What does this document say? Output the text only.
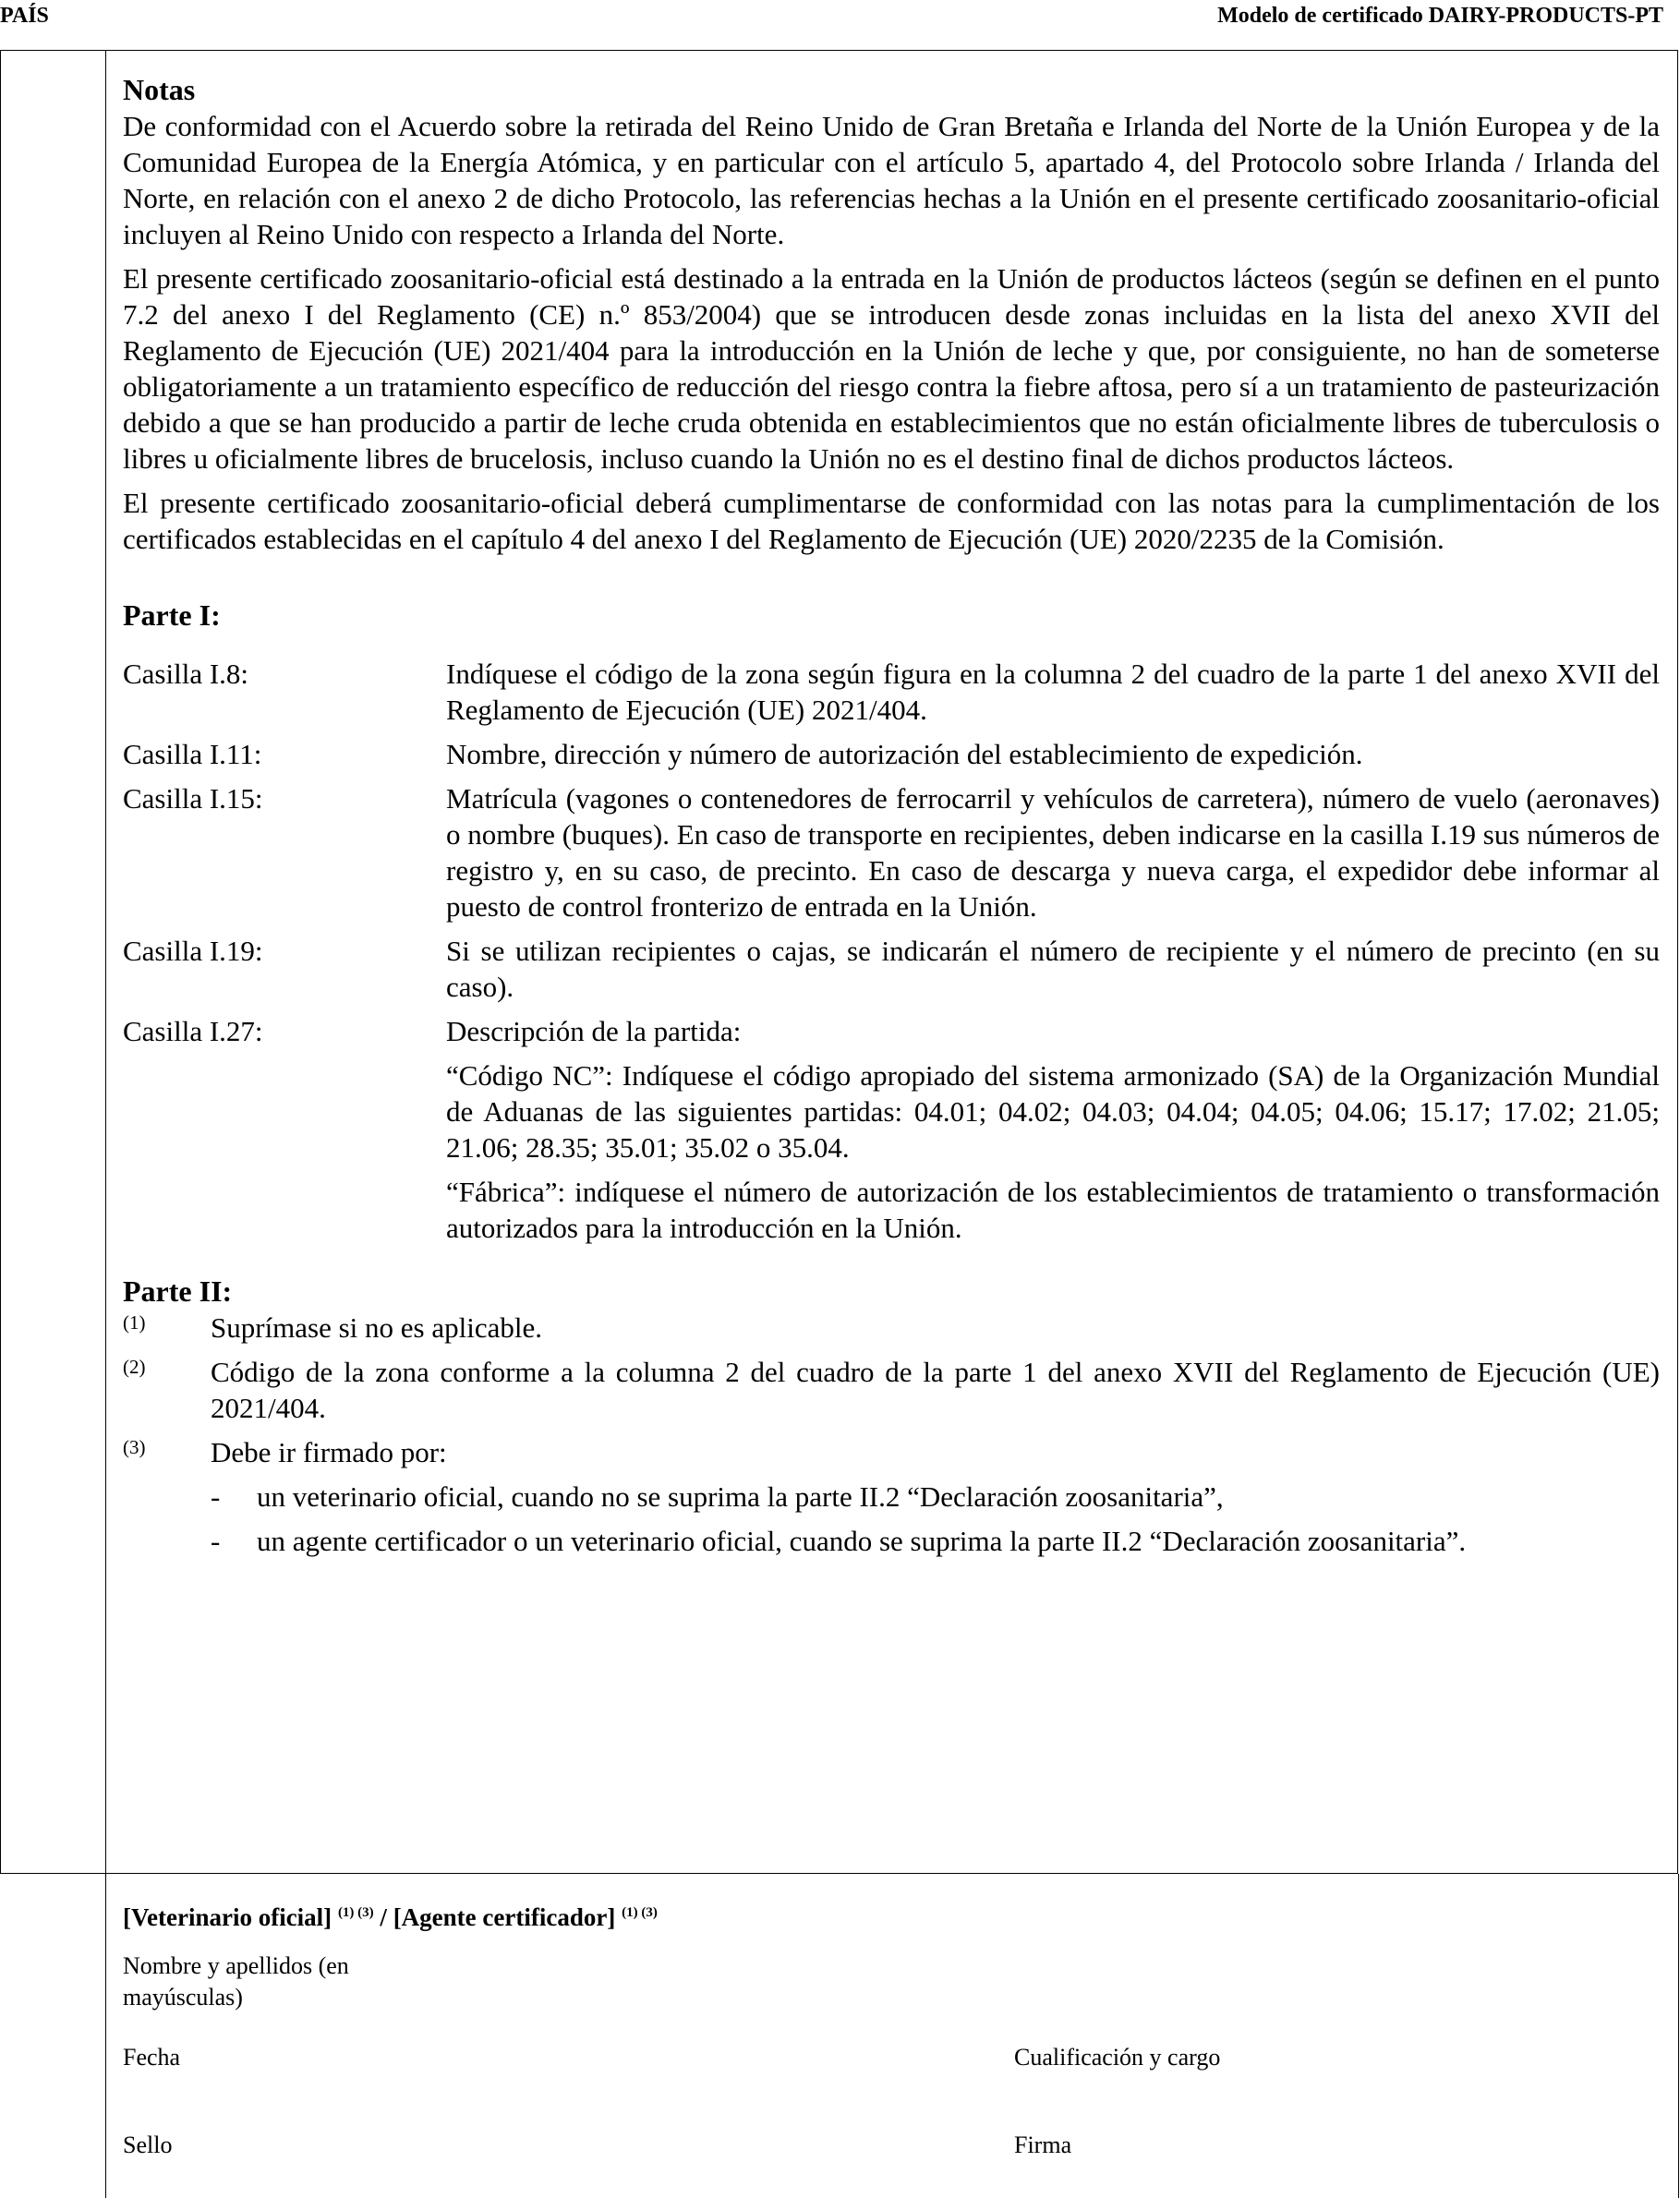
PAÍS	Modelo de certificado DAIRY-PRODUCTS-PT

Notas

De conformidad con el Acuerdo sobre la retirada del Reino Unido de Gran Bretaña e Irlanda del Norte de la Unión Europea y de la Comunidad Europea de la Energía Atómica, y en particular con el artículo 5, apartado 4, del Protocolo sobre Irlanda / Irlanda del Norte, en relación con el anexo 2 de dicho Protocolo, las referencias hechas a la Unión en el presente certificado zoosanitario-oficial incluyen al Reino Unido con respecto a Irlanda del Norte.

El presente certificado zoosanitario-oficial está destinado a la entrada en la Unión de productos lácteos (según se definen en el punto 7.2 del anexo I del Reglamento (CE) n.º 853/2004) que se introducen desde zonas incluidas en la lista del anexo XVII del Reglamento de Ejecución (UE) 2021/404 para la introducción en la Unión de leche y que, por consiguiente, no han de someterse obligatoriamente a un tratamiento específico de reducción del riesgo contra la fiebre aftosa, pero sí a un tratamiento de pasteurización debido a que se han producido a partir de leche cruda obtenida en establecimientos que no están oficialmente libres de tuberculosis o libres u oficialmente libres de brucelosis, incluso cuando la Unión no es el destino final de dichos productos lácteos.

El presente certificado zoosanitario-oficial deberá cumplimentarse de conformidad con las notas para la cumplimentación de los certificados establecidas en el capítulo 4 del anexo I del Reglamento de Ejecución (UE) 2020/2235 de la Comisión.

Parte I:

Casilla I.8:	Indíquese el código de la zona según figura en la columna 2 del cuadro de la parte 1 del anexo XVII del Reglamento de Ejecución (UE) 2021/404.

Casilla I.11:	Nombre, dirección y número de autorización del establecimiento de expedición.

Casilla I.15:	Matrícula (vagones o contenedores de ferrocarril y vehículos de carretera), número de vuelo (aeronaves) o nombre (buques). En caso de transporte en recipientes, deben indicarse en la casilla I.19 sus números de registro y, en su caso, de precinto. En caso de descarga y nueva carga, el expedidor debe informar al puesto de control fronterizo de entrada en la Unión.

Casilla I.19:	Si se utilizan recipientes o cajas, se indicarán el número de recipiente y el número de precinto (en su caso).

Casilla I.27:	Descripción de la partida:

“Código NC”: Indíquese el código apropiado del sistema armonizado (SA) de la Organización Mundial de Aduanas de las siguientes partidas: 04.01; 04.02; 04.03; 04.04; 04.05; 04.06; 15.17; 17.02; 21.05; 21.06; 28.35; 35.01; 35.02 o 35.04.

“Fábrica”: indíquese el número de autorización de los establecimientos de tratamiento o transformación autorizados para la introducción en la Unión.

Parte II:

(1)	Suprímase si no es aplicable.
(2)	Código de la zona conforme a la columna 2 del cuadro de la parte 1 del anexo XVII del Reglamento de Ejecución (UE) 2021/404.
(3)	Debe ir firmado por:
-	un veterinario oficial, cuando no se suprima la parte II.2 “Declaración zoosanitaria”,
-	un agente certificador o un veterinario oficial, cuando se suprima la parte II.2 “Declaración zoosanitaria”.
[Veterinario oficial] $^{(1) (3)}$ / [Agente certificador] $^{(1) (3)}$
Nombre y apellidos (en mayúsculas)
Fecha	Cualificación y cargo
Sello	Firma
